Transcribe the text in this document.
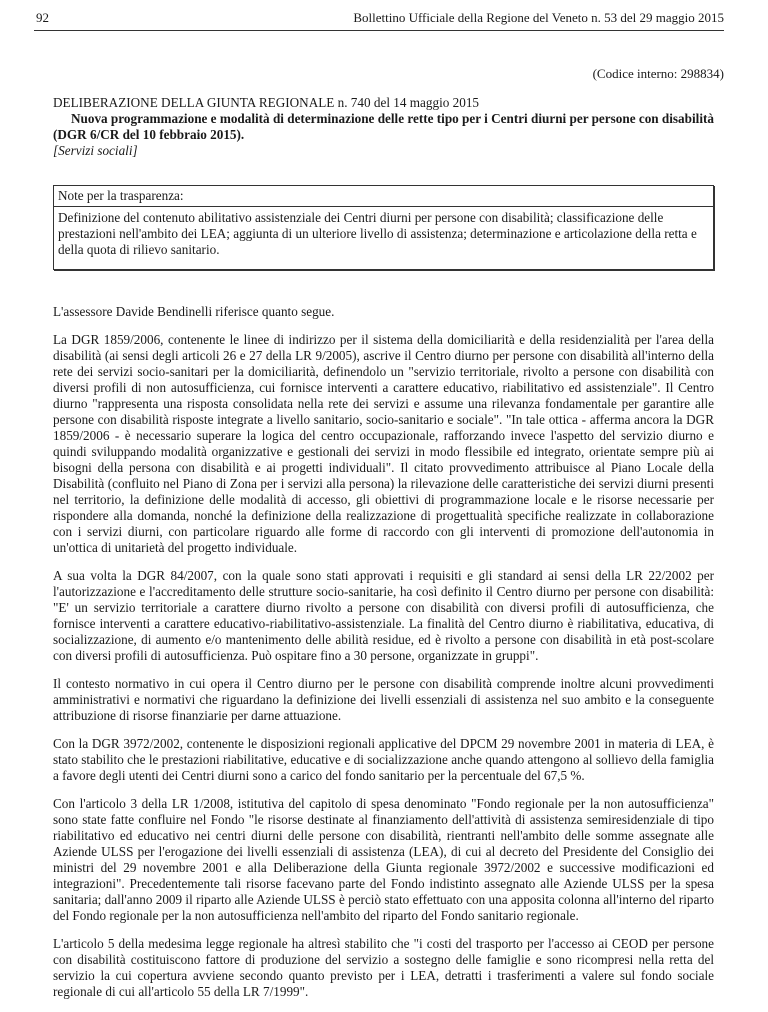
92	Bollettino Ufficiale della Regione del Veneto n. 53 del 29 maggio 2015
(Codice interno: 298834)

DELIBERAZIONE DELLA GIUNTA REGIONALE n. 740 del 14 maggio 2015

Nuova programmazione e modalità di determinazione delle rette tipo per i Centri diurni per persone con disabilità (DGR 6/CR del 10 febbraio 2015).

[Servizi sociali]

Note per la trasparenza:
Definizione del contenuto abilitativo assistenziale dei Centri diurni per persone con disabilità; classificazione delle prestazioni nell'ambito dei LEA; aggiunta di un ulteriore livello di assistenza; determinazione e articolazione della retta e della quota di rilievo sanitario.

L'assessore Davide Bendinelli riferisce quanto segue.

La DGR 1859/2006, contenente le linee di indirizzo per il sistema della domiciliarità e della residenzialità per l'area della disabilità (ai sensi degli articoli 26 e 27 della LR 9/2005), ascrive il Centro diurno per persone con disabilità all'interno della rete dei servizi socio-sanitari per la domiciliarità, definendolo un "servizio territoriale, rivolto a persone con disabilità con diversi profili di non autosufficienza, cui fornisce interventi a carattere educativo, riabilitativo ed assistenziale". Il Centro diurno "rappresenta una risposta consolidata nella rete dei servizi e assume una rilevanza fondamentale per garantire alle persone con disabilità risposte integrate a livello sanitario, socio-sanitario e sociale". "In tale ottica - afferma ancora la DGR 1859/2006 - è necessario superare la logica del centro occupazionale, rafforzando invece l'aspetto del servizio diurno e quindi sviluppando modalità organizzative e gestionali dei servizi in modo flessibile ed integrato, orientate sempre più ai bisogni della persona con disabilità e ai progetti individuali". Il citato provvedimento attribuisce al Piano Locale della Disabilità (confluito nel Piano di Zona per i servizi alla persona) la rilevazione delle caratteristiche dei servizi diurni presenti nel territorio, la definizione delle modalità di accesso, gli obiettivi di programmazione locale e le risorse necessarie per rispondere alla domanda, nonché la definizione della realizzazione di progettualità specifiche realizzate in collaborazione con i servizi diurni, con particolare riguardo alle forme di raccordo con gli interventi di promozione dell'autonomia in un'ottica di unitarietà del progetto individuale.

A sua volta la DGR 84/2007, con la quale sono stati approvati i requisiti e gli standard ai sensi della LR 22/2002 per l'autorizzazione e l'accreditamento delle strutture socio-sanitarie, ha così definito il Centro diurno per persone con disabilità: "E' un servizio territoriale a carattere diurno rivolto a persone con disabilità con diversi profili di autosufficienza, che fornisce interventi a carattere educativo-riabilitativo-assistenziale. La finalità del Centro diurno è riabilitativa, educativa, di socializzazione, di aumento e/o mantenimento delle abilità residue, ed è rivolto a persone con disabilità in età post-scolare con diversi profili di autosufficienza. Può ospitare fino a 30 persone, organizzate in gruppi".

Il contesto normativo in cui opera il Centro diurno per le persone con disabilità comprende inoltre alcuni provvedimenti amministrativi e normativi che riguardano la definizione dei livelli essenziali di assistenza nel suo ambito e la conseguente attribuzione di risorse finanziarie per darne attuazione.

Con la DGR 3972/2002, contenente le disposizioni regionali applicative del DPCM 29 novembre 2001 in materia di LEA, è stato stabilito che le prestazioni riabilitative, educative e di socializzazione anche quando attengono al sollievo della famiglia a favore degli utenti dei Centri diurni sono a carico del fondo sanitario per la percentuale del 67,5 %.

Con l'articolo 3 della LR 1/2008, istitutiva del capitolo di spesa denominato "Fondo regionale per la non autosufficienza" sono state fatte confluire nel Fondo "le risorse destinate al finanziamento dell'attività di assistenza semiresidenziale di tipo riabilitativo ed educativo nei centri diurni delle persone con disabilità, rientranti nell'ambito delle somme assegnate alle Aziende ULSS per l'erogazione dei livelli essenziali di assistenza (LEA), di cui al decreto del Presidente del Consiglio dei ministri del 29 novembre 2001 e alla Deliberazione della Giunta regionale 3972/2002 e successive modificazioni ed integrazioni". Precedentemente tali risorse facevano parte del Fondo indistinto assegnato alle Aziende ULSS per la spesa sanitaria; dall'anno 2009 il riparto alle Aziende ULSS è perciò stato effettuato con una apposita colonna all'interno del riparto del Fondo regionale per la non autosufficienza nell'ambito del riparto del Fondo sanitario regionale.

L'articolo 5 della medesima legge regionale ha altresì stabilito che "i costi del trasporto per l'accesso ai CEOD per persone con disabilità costituiscono fattore di produzione del servizio a sostegno delle famiglie e sono ricompresi nella retta del servizio la cui copertura avviene secondo quanto previsto per i LEA, detratti i trasferimenti a valere sul fondo sociale regionale di cui all'articolo 55 della LR 7/1999".
